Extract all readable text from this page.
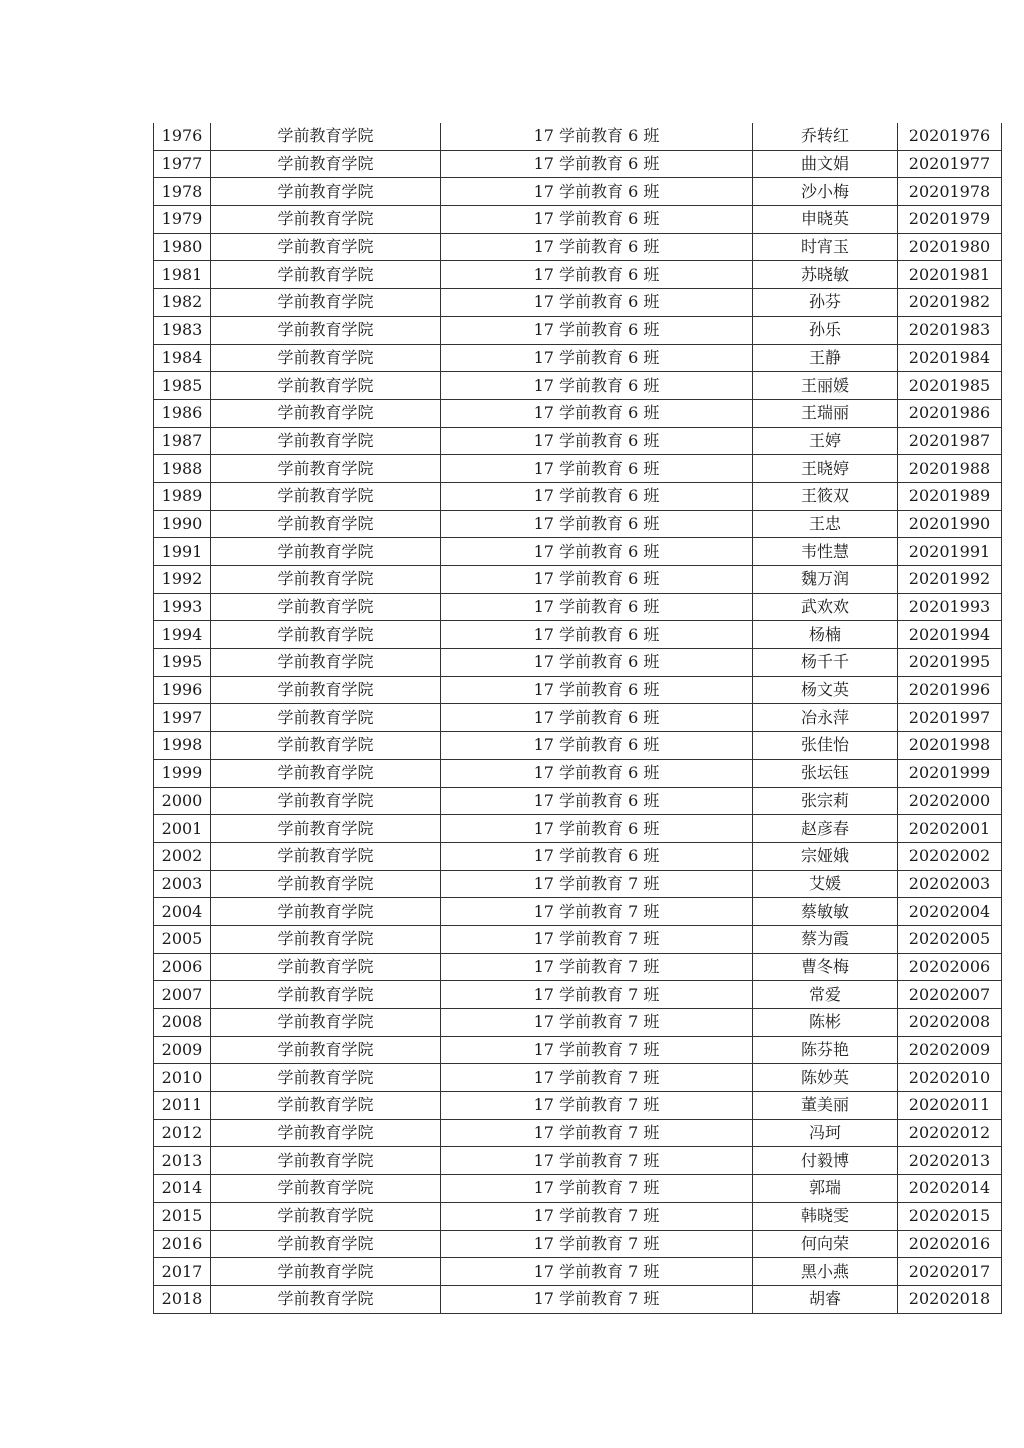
1976	学前教育学院	17 学前教育 6 班	乔转红	20201976
1977	学前教育学院	17 学前教育 6 班	曲文娟	20201977
1978	学前教育学院	17 学前教育 6 班	沙小梅	20201978
1979	学前教育学院	17 学前教育 6 班	申晓英	20201979
1980	学前教育学院	17 学前教育 6 班	时宵玉	20201980
1981	学前教育学院	17 学前教育 6 班	苏晓敏	20201981
1982	学前教育学院	17 学前教育 6 班	孙芬	20201982
1983	学前教育学院	17 学前教育 6 班	孙乐	20201983
1984	学前教育学院	17 学前教育 6 班	王静	20201984
1985	学前教育学院	17 学前教育 6 班	王丽媛	20201985
1986	学前教育学院	17 学前教育 6 班	王瑞丽	20201986
1987	学前教育学院	17 学前教育 6 班	王婷	20201987
1988	学前教育学院	17 学前教育 6 班	王晓婷	20201988
1989	学前教育学院	17 学前教育 6 班	王筱双	20201989
1990	学前教育学院	17 学前教育 6 班	王忠	20201990
1991	学前教育学院	17 学前教育 6 班	韦性慧	20201991
1992	学前教育学院	17 学前教育 6 班	魏万润	20201992
1993	学前教育学院	17 学前教育 6 班	武欢欢	20201993
1994	学前教育学院	17 学前教育 6 班	杨楠	20201994
1995	学前教育学院	17 学前教育 6 班	杨千千	20201995
1996	学前教育学院	17 学前教育 6 班	杨文英	20201996
1997	学前教育学院	17 学前教育 6 班	冶永萍	20201997
1998	学前教育学院	17 学前教育 6 班	张佳怡	20201998
1999	学前教育学院	17 学前教育 6 班	张坛钰	20201999
2000	学前教育学院	17 学前教育 6 班	张宗莉	20202000
2001	学前教育学院	17 学前教育 6 班	赵彦春	20202001
2002	学前教育学院	17 学前教育 6 班	宗娅娥	20202002
2003	学前教育学院	17 学前教育 7 班	艾媛	20202003
2004	学前教育学院	17 学前教育 7 班	蔡敏敏	20202004
2005	学前教育学院	17 学前教育 7 班	蔡为霞	20202005
2006	学前教育学院	17 学前教育 7 班	曹冬梅	20202006
2007	学前教育学院	17 学前教育 7 班	常爱	20202007
2008	学前教育学院	17 学前教育 7 班	陈彬	20202008
2009	学前教育学院	17 学前教育 7 班	陈芬艳	20202009
2010	学前教育学院	17 学前教育 7 班	陈妙英	20202010
2011	学前教育学院	17 学前教育 7 班	董美丽	20202011
2012	学前教育学院	17 学前教育 7 班	冯珂	20202012
2013	学前教育学院	17 学前教育 7 班	付毅博	20202013
2014	学前教育学院	17 学前教育 7 班	郭瑞	20202014
2015	学前教育学院	17 学前教育 7 班	韩晓雯	20202015
2016	学前教育学院	17 学前教育 7 班	何向荣	20202016
2017	学前教育学院	17 学前教育 7 班	黑小燕	20202017
2018	学前教育学院	17 学前教育 7 班	胡睿	20202018
